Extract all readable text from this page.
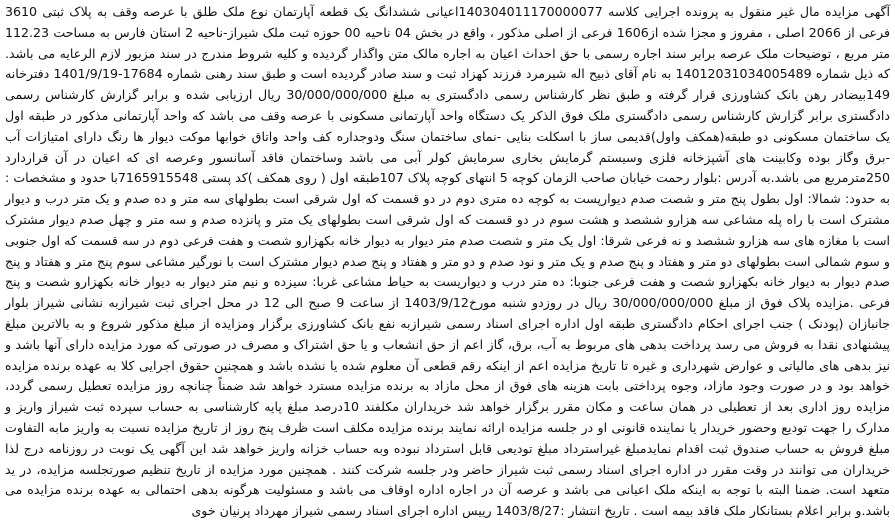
آگهی مزایده مال غیر منقول به پرونده اجرایی کلاسه 140304011170000077اعیانی ششدانگ یک قطعه آپارتمان نوع ملک طلق با عرصه وقف به پلاک ثبتی 3610 فرعی از 2066 اصلی ، مفروز و مجزا شده از1606 فرعی از اصلی مذکور ، واقع در بخش 04 ناحیه 00 حوزه ثبت ملک شیراز-ناحیه 2 استان فارس به مساحت 112.23 متر مربع ، توضیحات ملک عرصه برابر سند اجاره رسمی با حق احداث اعیان به اجاره مالک متن واگذار گردیده و کلیه شروط مندرج در سند مزبور لازم الرعایه می باشد. که ذیل شماره 14012031034005489 به نام آقای ذبیح اله شیرمرد فرزند کهزاد ثبت و سند صادر گردیده است و طبق سند رهنی شماره 17684-1401/9/19 دفترخانه 149بیضادر رهن بانک کشاورزی قرار گرفته و طبق نظر کارشناس رسمی دادگستری به مبلغ 30/000/000/000 ریال ارزیابی شده و برابر گزارش کارشناس رسمی دادگستری برابر گزارش کارشناس رسمی دادگستری ملک فوق الذکر یک دستگاه واحد آپارتمانی مسکونی با عرصه وقف می باشد که واحد آپارتمانی مذکور در طبقه اول یک ساختمان مسکونی دو طبقه(همکف واول)قدیمی ساز با اسکلت بنایی -نمای ساختمان سنگ ودوجداره کف واحد واتاق خوابها موکت دیوار ها رنگ دارای امتیازات آب -برق وگاز بوده وکابینت های آشپزخانه فلزی وسیستم گرمایش بخاری سرمایش کولر آبی می باشد وساختمان فاقد آسانسور وعرصه ای که اعیان در آن قراردارد 250مترمربع می باشد.به آدرس :بلوار رحمت خیابان صاحب الزمان کوچه 5 انتهای کوچه پلاک 107طبقه اول ( روی همکف )کد پستی 7165915548با حدود و مشخصات : به حدود: شمالا: اول بطول پنج متر و شصت صدم دیوارپست به کوچه ده متری دوم در دو قسمت که اول شرقی است بطولهای سه متر و ده صدم و یک متر درب و دیوار مشترک است با راه پله مشاعی سه هزارو ششصد و هشت سوم در دو قسمت که اول شرقی است بطولهای یک متر و پانزده صدم و سه متر و چهل صدم دیوار مشترک است با مغازه های سه هزارو ششصد و نه فرعی شرقا: اول یک متر و شصت صدم متر دیوار به دیوار خانه بکهزارو شصت و هفت فرعی دوم در سه قسمت که اول جنوبی و سوم شمالی است بطولهای دو متر و هفتاد و پنج صدم و یک متر و نود صدم و دو متر و هفتاد و پنج صدم دیوار مشترک است با نورگیر مشاعی سوم پنج متر و هفتاد و پنج صدم دیوار به دیوار خانه بکهزارو شصت و هفت فرعی جنوبا: ده متر درب و دیواریست به حیاط مشاعی غربا: سیزده و نیم متر دیوار به دیوار خانه بکهزارو شصت و پنج فرعی .مزایده پلاک فوق از مبلغ 30/000/000/000 ریال در روزدو شنبه مورخ1403/9/12 از ساعت 9 صبح الی 12 در محل اجرای ثبت شیرازبه نشانی شیراز بلوار جانبازان (پودنک ) جنب اجرای احکام دادگستری طبقه اول اداره اجرای اسناد رسمی شیرازبه نفع بانک کشاورزی برگزار ومزایده از مبلغ مذکور شروع و به بالاترین مبلغ پیشنهادی نقدا به فروش می رسد پرداخت بدهی های مربوط به آب، برق، گاز اعم از حق انشعاب و یا حق اشتراک و مصرف در صورتی که مورد مزایده دارای آنها باشد و نیز بدهی های مالیاتی و عوارض شهرداری و غیره تا تاریخ مزایده اعم از اینکه رقم قطعی آن معلوم شده یا نشده باشد و همچنین حقوق اجرایی کلا به عهده برنده مزایده خواهد بود و در صورت وجود مازاد، وجوه پرداختی بابت هزینه های فوق از محل مازاد به برنده مزایده مسترد خواهد شد ضمناً چنانچه روز مزایده تعطیل رسمی گردد، مزایده روز اداری بعد از تعطیلی در همان ساعت و مکان مقرر برگزار خواهد شد خریداران مکلفند 10درصد مبلغ پایه کارشناسی به حساب سپرده ثبت شیراز واریز و مدارک را جهت تودیع وحضور خریدار یا نماینده قانونی او در جلسه مزایده ارائه نمایند برنده مزایده مکلف است ظرف پنج روز از تاریخ مزایده نسبت به واریز مابه التفاوت مبلغ فروش به حساب صندوق ثبت اقدام نمایدمبلغ غیراسترداد مبلغ تودیعی قابل استرداد نبوده وبه حساب خزانه واریز خواهد شد این آگهی یک نوبت در روزنامه درج لذا خریداران می توانند در وقت مقرر در اداره اجرای اسناد رسمی ثبت شیراز حاضر ودر جلسه شرکت کنند . همچنین مورد مزایده از تاریخ تنظیم صورتجلسه مزایده، در ید متعهد است. ضمنا البته با توجه به اینکه ملک اعیانی می باشد و عرصه آن در اجاره اداره اوقاف می باشد و مسئولیت هرگونه بدهی احتمالی به عهده برنده مزایده می باشد.و برابر اعلام بستانکار ملک فاقد بیمه است . تاریخ انتشار :1403/8/27 رییس اداره اجرای اسناد رسمی شیراز مهرداد پرنیان خوی
